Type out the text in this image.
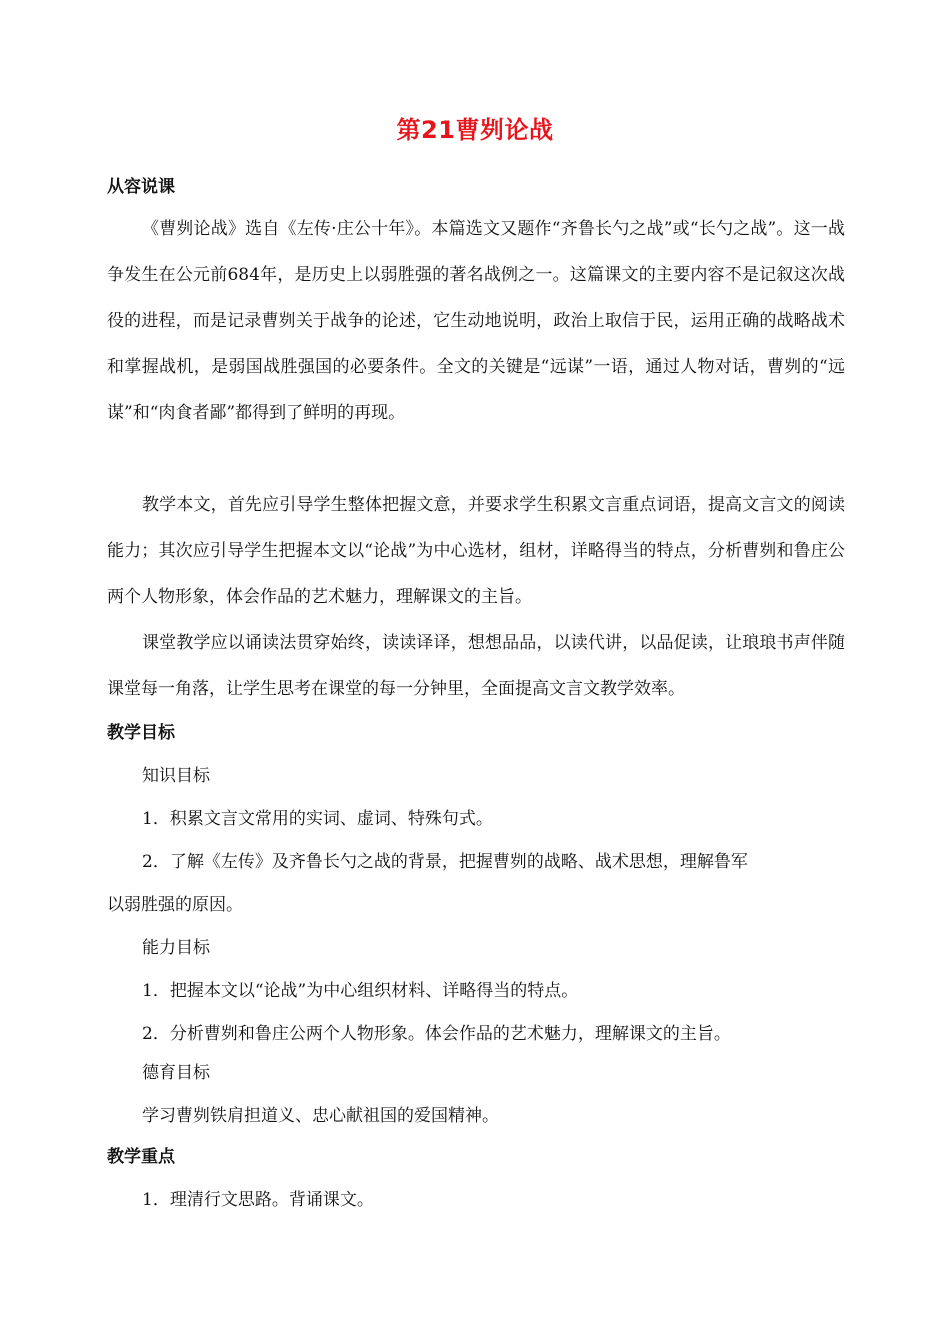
第21曹刿论战
从容说课

《曹刿论战》选自《左传·庄公十年》。本篇选文又题作“齐鲁长勺之战”或“长勺之战”。这一战争发生在公元前684年，是历史上以弱胜强的著名战例之一。这篇课文的主要内容不是记叙这次战役的进程，而是记录曹刿关于战争的论述，它生动地说明，政治上取信于民，运用正确的战略战术和掌握战机，是弱国战胜强国的必要条件。全文的关键是“远谋”一语，通过人物对话，曹刿的“远谋”和“肉食者鄙”都得到了鲜明的再现。

教学本文，首先应引导学生整体把握文意，并要求学生积累文言重点词语，提高文言文的阅读能力；其次应引导学生把握本文以“论战”为中心选材，组材，详略得当的特点，分析曹刿和鲁庄公两个人物形象，体会作品的艺术魅力，理解课文的主旨。

课堂教学应以诵读法贯穿始终，读读译译，想想品品，以读代讲，以品促读，让琅琅书声伴随课堂每一角落，让学生思考在课堂的每一分钟里，全面提高文言文教学效率。

教学目标
知识目标
1．积累文言文常用的实词、虚词、特殊句式。
2．了解《左传》及齐鲁长勺之战的背景，把握曹刿的战略、战术思想，理解鲁军
以弱胜强的原因。
能力目标
1．把握本文以“论战”为中心组织材料、详略得当的特点。
2．分析曹刿和鲁庄公两个人物形象。体会作品的艺术魅力，理解课文的主旨。
德育目标
学习曹刿铁肩担道义、忠心献祖国的爱国精神。
教学重点
1．理清行文思路。背诵课文。
